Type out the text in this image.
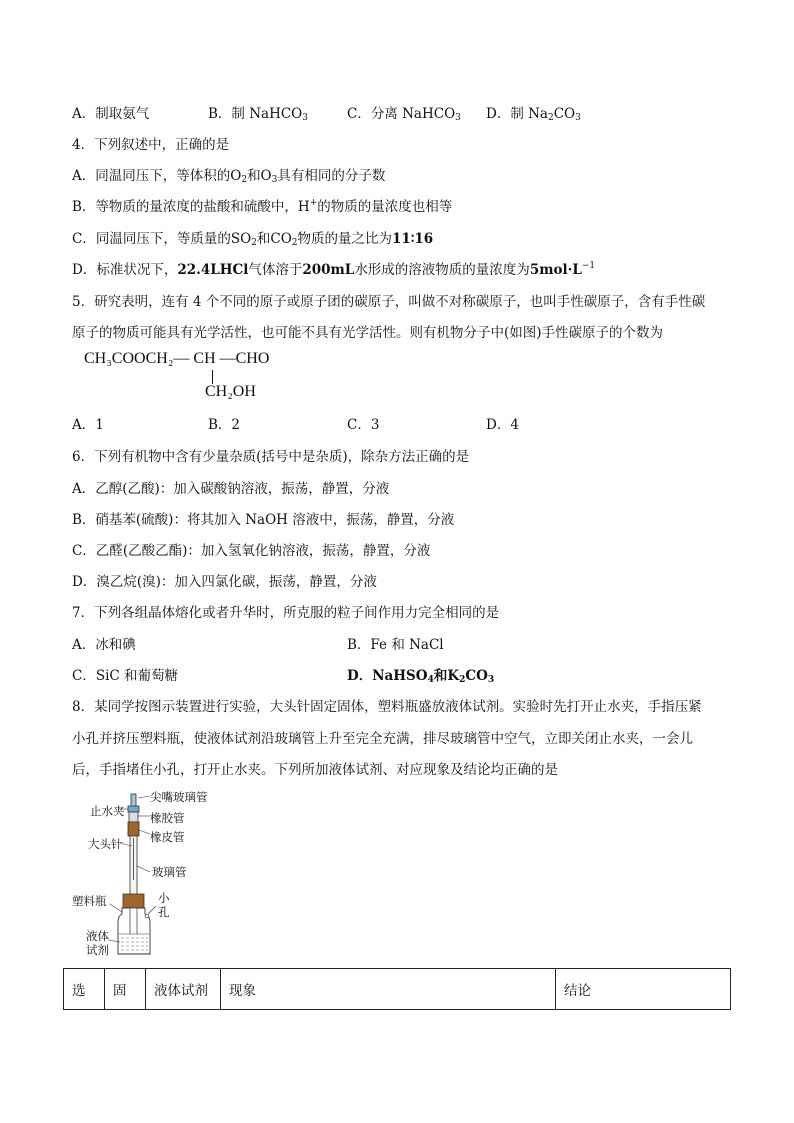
A．制取氨气	B．制 NaHCO$_3$	C．分离 NaHCO$_3$ D．制 $Na_2CO_3$
4．下列叙述中，正确的是
A．同温同压下，等体积的$O_2$和$O_3$具有相同的分子数
B．等物质的量浓度的盐酸和硫酸中，H+的物质的量浓度也相等
C．同温同压下，等质量的$SO_2$和$CO_2$物质的量之比为11∶16
D．标准状况下，22.4LHCl气体溶于200mL水形成的溶液物质的量浓度为$5mol\cdot L^{-1}$
5．研究表明，连有 4 个不同的原子或原子团的碳原子，叫做不对称碳原子，也叫手性碳原子，含有手性碳
原子的物质可能具有光学活性，也可能不具有光学活性。则有机物分子中(如图)手性碳原子的个数为
CH₃COOCH₂— CH —CHO
CH₂OH
A．1	B．2	C．3	D．4
6．下列有机物中含有少量杂质(括号中是杂质)，除杂方法正确的是
A．乙醇(乙酸)：加入碳酸钠溶液，振荡，静置，分液
B．硝基苯(硫酸)：将其加入 NaOH 溶液中，振荡，静置，分液
C．乙醛(乙酸乙酯)：加入氢氧化钠溶液，振荡，静置，分液
D．溴乙烷(溴)：加入四氯化碳，振荡，静置，分液
7．下列各组晶体熔化或者升华时，所克服的粒子间作用力完全相同的是
A．冰和碘	B．Fe 和 NaCl
C．SiC 和葡萄糖	D．NaHSO$_4$和$K_2CO_3$
8．某同学按图示装置进行实验，大头针固定固体，塑料瓶盛放液体试剂。实验时先打开止水夹，手指压紧
小孔并挤压塑料瓶，使液体试剂沿玻璃管上升至完全充满，排尽玻璃管中空气，立即关闭止水夹，一会儿
后，手指堵住小孔，打开止水夹。下列所加液体试剂、对应现象及结论均正确的是
尖嘴玻璃管
止水夹 橡胶管
橡皮管
大头针
玻璃管
塑料瓶	小
孔
液体
试剂
选	固	液体试剂	现象	结论
